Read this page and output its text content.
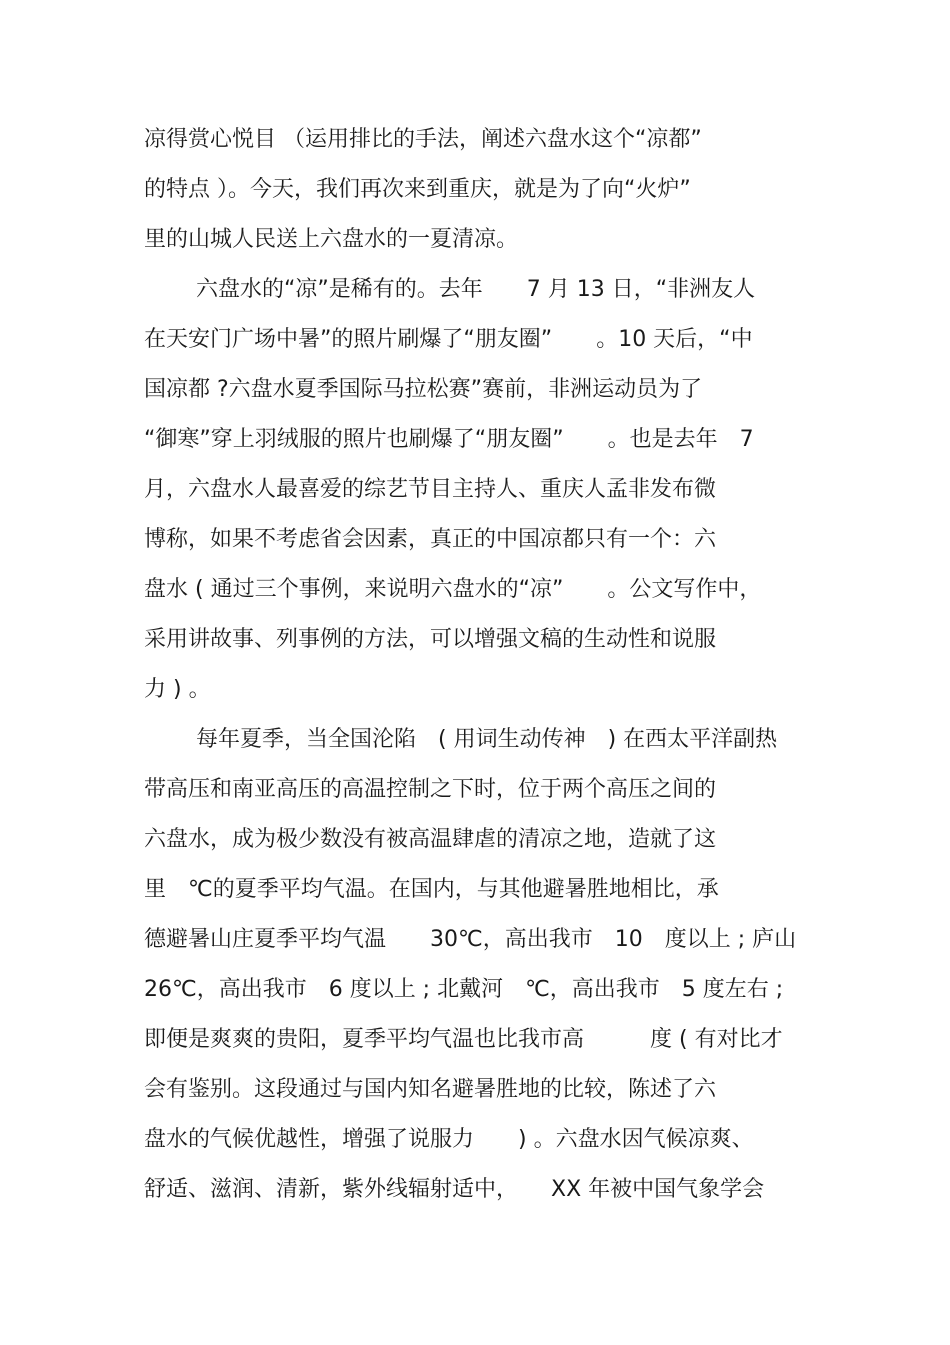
凉得赏心悦目 （运用排比的手法，阐述六盘水这个“凉都”
的特点 ）。今天，我们再次来到重庆，就是为了向“火炉”
里的山城人民送上六盘水的一夏清凉。
六盘水的“凉”是稀有的。去年　　7 月 13 日，“非洲友人
在天安门广场中暑”的照片刷爆了“朋友圈”　　。10 天后，“中
国凉都 ?六盘水夏季国际马拉松赛”赛前，非洲运动员为了
“御寒”穿上羽绒服的照片也刷爆了“朋友圈”　　。也是去年　7
月，六盘水人最喜爱的综艺节目主持人、重庆人孟非发布微
博称，如果不考虑省会因素，真正的中国凉都只有一个：六
盘水 ( 通过三个事例，来说明六盘水的“凉”　　。公文写作中，
采用讲故事、列事例的方法，可以增强文稿的生动性和说服
力 ) 。
每年夏季，当全国沦陷　( 用词生动传神　) 在西太平洋副热
带高压和南亚高压的高温控制之下时，位于两个高压之间的
六盘水，成为极少数没有被高温肆虐的清凉之地，造就了这
里　℃的夏季平均气温。在国内，与其他避暑胜地相比，承
德避暑山庄夏季平均气温　　30℃，高出我市　10　度以上 ; 庐山
26℃，高出我市　6 度以上 ; 北戴河　℃，高出我市　5 度左右 ;
即便是爽爽的贵阳，夏季平均气温也比我市高　　　度 ( 有对比才
会有鉴别。这段通过与国内知名避暑胜地的比较，陈述了六
盘水的气候优越性，增强了说服力　　) 。六盘水因气候凉爽、
舒适、滋润、清新，紫外线辐射适中，　　XX 年被中国气象学会
